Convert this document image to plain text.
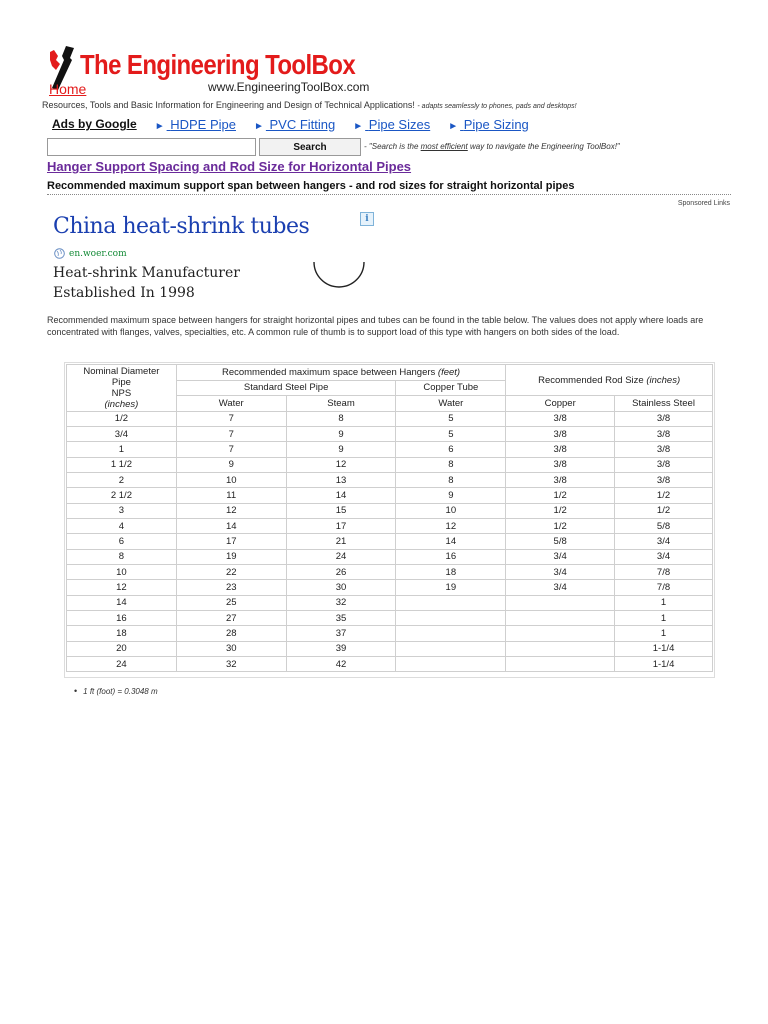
The Engineering ToolBox
www.EngineeringToolBox.com
Home
Resources, Tools and Basic Information for Engineering and Design of Technical Applications! - adapts seamlessly to phones, pads and desktops!
Ads by Google ► HDPE Pipe ► PVC Fitting ► Pipe Sizes ► Pipe Sizing
Search	- "Search is the most efficient way to navigate the Engineering ToolBox!"
Hanger Support Spacing and Rod Size for Horizontal Pipes
Recommended maximum support span between hangers - and rod sizes for straight horizontal pipes
Sponsored Links
China heat-shrink tubes	i
en.woer.com
Heat-shrink Manufacturer
Established In 1998
Recommended maximum space between hangers for straight horizontal pipes and tubes can be found in the table below. The values does not apply where loads are concentrated with flanges, valves, specialties, etc. A common rule of thumb is to support load of this type with hangers on both sides of the load.
Nominal Diameter
Pipe
NPS
(inches)	Recommended maximum space between Hangers (feet)			Recommended Rod Size (inches)	
	Standard Steel Pipe		Copper Tube		
	Water	Steam	Water	Copper	Stainless Steel
1/2	7	8	5	3/8	3/8
3/4	7	9	5	3/8	3/8
1	7	9	6	3/8	3/8
1 1/2	9	12	8	3/8	3/8
2	10	13	8	3/8	3/8
2 1/2	11	14	9	1/2	1/2
3	12	15	10	1/2	1/2
4	14	17	12	1/2	5/8
6	17	21	14	5/8	3/4
8	19	24	16	3/4	3/4
10	22	26	18	3/4	7/8
12	23	30	19	3/4	7/8
14	25	32			1
16	27	35			1
18	28	37			1
20	30	39			1-1/4
24	32	42			1-1/4
• 1 ft (foot) = 0.3048 m
